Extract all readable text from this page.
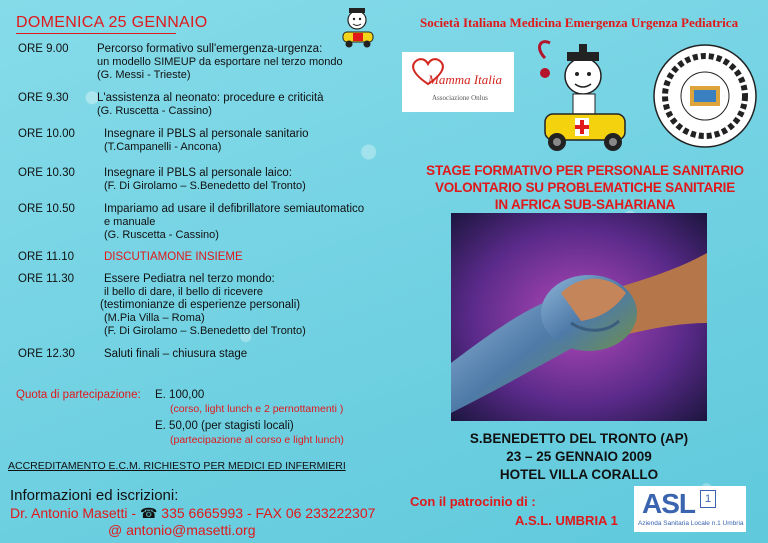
DOMENICA 25 GENNAIO
ORE 9.00 Percorso formativo sull'emergenza-urgenza:
un modello SIMEUP da esportare nel terzo mondo
(G. Messi - Trieste)
ORE 9.30 L'assistenza al neonato: procedure e criticità
(G. Ruscetta - Cassino)
ORE 10.00	Insegnare il PBLS al personale sanitario
(T.Campanelli - Ancona)
ORE 10.30	Insegnare il PBLS al personale laico:
(F. Di Girolamo – S.Benedetto del Tronto)
ORE 10.50	Impariamo ad usare il defibrillatore semiautomatico
e manuale
(G. Ruscetta - Cassino)
ORE 11.10	DISCUTIAMONE INSIEME
ORE 11.30	Essere Pediatra nel terzo mondo:
il bello di dare, il bello di ricevere
(testimonianze di esperienze personali)
(M.Pia Villa – Roma)
(F. Di Girolamo – S.Benedetto del Tronto)
ORE 12.30	Saluti finali – chiusura stage
Quota di partecipazione: E. 100,00
(corso, light lunch e 2 pernottamenti )
E. 50,00 (per stagisti locali)
(partecipazione al corso e light lunch)
ACCREDITAMENTO E.C.M. RICHIESTO PER MEDICI ED INFERMIERI
Informazioni ed iscrizioni:
Dr. Antonio Masetti - ☎ 335 6665993 - FAX 06 233222307
@ antonio@masetti.org
Società Italiana Medicina Emergenza Urgenza Pediatrica
Mamma Italia
Associazione Onlus
STAGE FORMATIVO PER PERSONALE SANITARIO
VOLONTARIO SU PROBLEMATICHE SANITARIE
IN AFRICA SUB-SAHARIANA
S.BENEDETTO DEL TRONTO (AP)
23 – 25 GENNAIO 2009
HOTEL VILLA CORALLO
Con il patrocinio di :
A.S.L. UMBRIA 1
ASL 1
Azienda Sanitaria Locale n.1 Umbria
